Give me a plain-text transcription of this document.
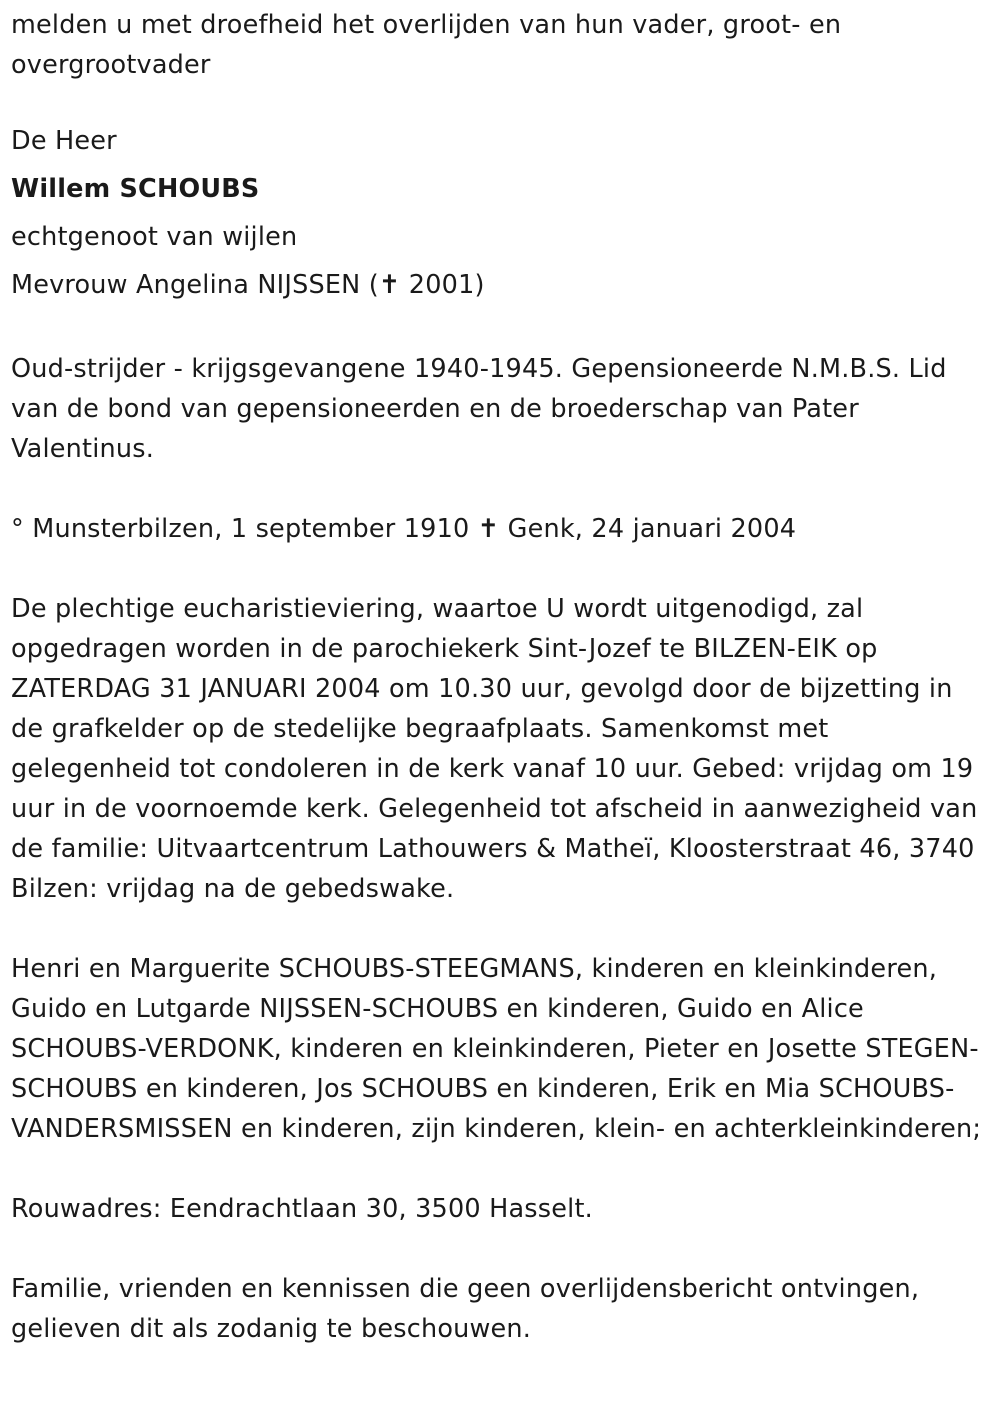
melden u met droefheid het overlijden van hun vader, groot- en overgrootvader

De Heer

Willem SCHOUBS

echtgenoot van wijlen

Mevrouw Angelina NIJSSEN (✝ 2001)

Oud-strijder - krijgsgevangene 1940-1945. Gepensioneerde N.M.B.S. Lid van de bond van gepensioneerden en de broederschap van Pater Valentinus.

° Munsterbilzen, 1 september 1910 ✝ Genk, 24 januari 2004

De plechtige eucharistieviering, waartoe U wordt uitgenodigd, zal opgedragen worden in de parochiekerk Sint-Jozef te BILZEN-EIK op ZATERDAG 31 JANUARI 2004 om 10.30 uur, gevolgd door de bijzetting in de grafkelder op de stedelijke begraafplaats. Samenkomst met gelegenheid tot condoleren in de kerk vanaf 10 uur. Gebed: vrijdag om 19 uur in de voornoemde kerk. Gelegenheid tot afscheid in aanwezigheid van de familie: Uitvaartcentrum Lathouwers & Matheï, Kloosterstraat 46, 3740 Bilzen: vrijdag na de gebedswake.

Henri en Marguerite SCHOUBS-STEEGMANS, kinderen en kleinkinderen, Guido en Lutgarde NIJSSEN-SCHOUBS en kinderen, Guido en Alice SCHOUBS-VERDONK, kinderen en kleinkinderen, Pieter en Josette STEGEN-SCHOUBS en kinderen, Jos SCHOUBS en kinderen, Erik en Mia SCHOUBS-VANDERSMISSEN en kinderen, zijn kinderen, klein- en achterkleinkinderen;

Rouwadres: Eendrachtlaan 30, 3500 Hasselt.

Familie, vrienden en kennissen die geen overlijdensbericht ontvingen, gelieven dit als zodanig te beschouwen.
